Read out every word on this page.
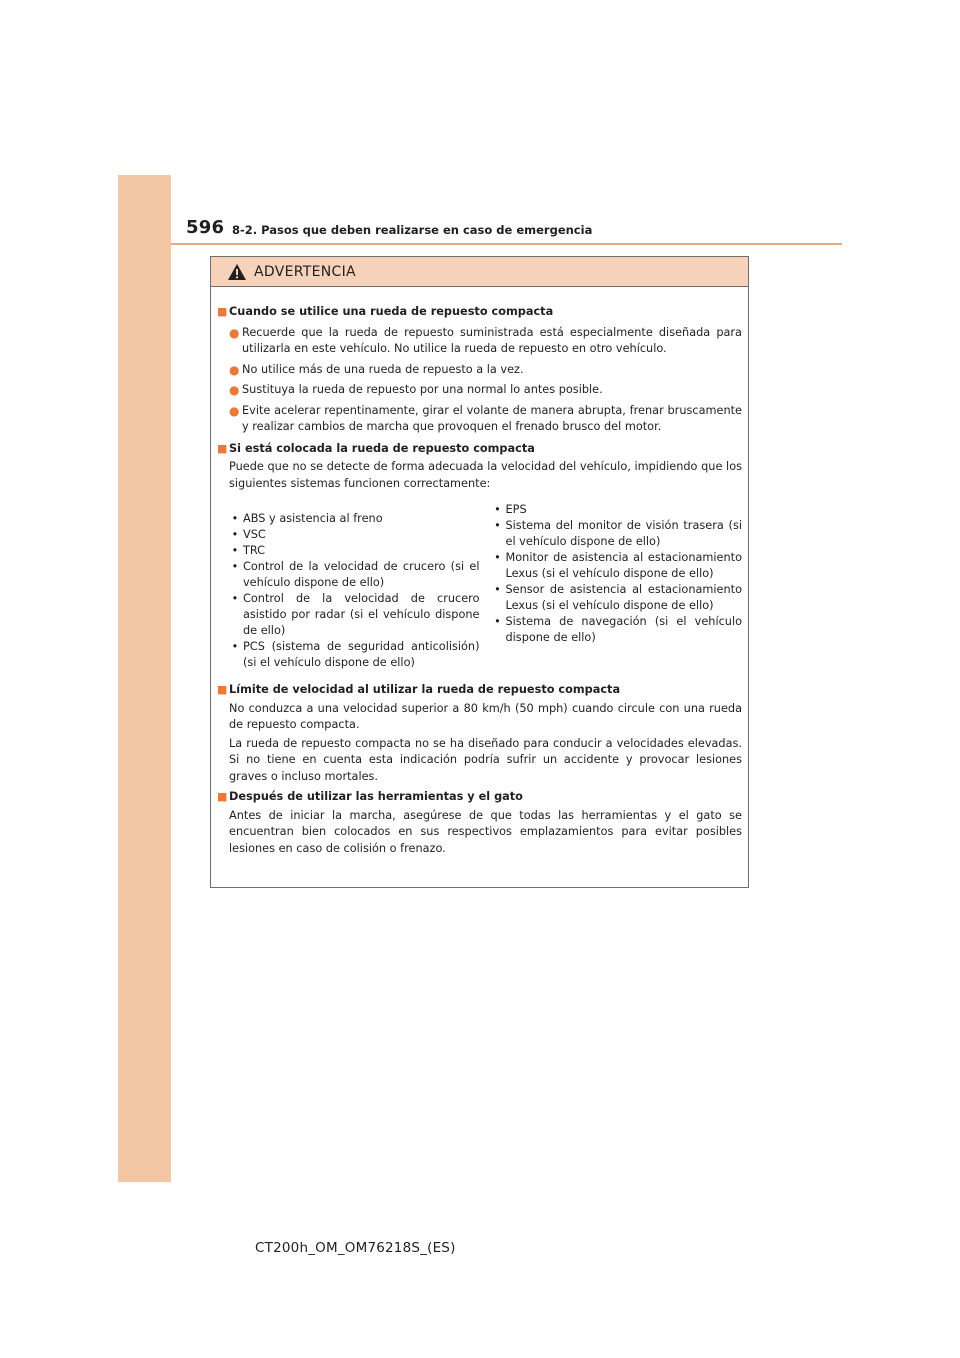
596 8-2. Pasos que deben realizarse en caso de emergencia
ADVERTENCIA
■ Cuando se utilice una rueda de repuesto compacta
● Recuerde que la rueda de repuesto suministrada está especialmente diseñada para utilizarla en este vehículo. No utilice la rueda de repuesto en otro vehículo.
● No utilice más de una rueda de repuesto a la vez.
● Sustituya la rueda de repuesto por una normal lo antes posible.
● Evite acelerar repentinamente, girar el volante de manera abrupta, frenar bruscamente y realizar cambios de marcha que provoquen el frenado brusco del motor.
■ Si está colocada la rueda de repuesto compacta
Puede que no se detecte de forma adecuada la velocidad del vehículo, impidiendo que los siguientes sistemas funcionen correctamente:
• ABS y asistencia al freno
• VSC
• TRC
• Control de la velocidad de crucero (si el vehículo dispone de ello)
• Control de la velocidad de crucero asistido por radar (si el vehículo dispone de ello)
• PCS (sistema de seguridad anticolisión) (si el vehículo dispone de ello)
• EPS
• Sistema del monitor de visión trasera (si el vehículo dispone de ello)
• Monitor de asistencia al estacionamiento Lexus (si el vehículo dispone de ello)
• Sensor de asistencia al estacionamiento Lexus (si el vehículo dispone de ello)
• Sistema de navegación (si el vehículo dispone de ello)
■ Límite de velocidad al utilizar la rueda de repuesto compacta
No conduzca a una velocidad superior a 80 km/h (50 mph) cuando circule con una rueda de repuesto compacta.
La rueda de repuesto compacta no se ha diseñado para conducir a velocidades elevadas. Si no tiene en cuenta esta indicación podría sufrir un accidente y provocar lesiones graves o incluso mortales.
■ Después de utilizar las herramientas y el gato
Antes de iniciar la marcha, asegúrese de que todas las herramientas y el gato se encuentran bien colocados en sus respectivos emplazamientos para evitar posibles lesiones en caso de colisión o frenazo.
CT200h_OM_OM76218S_(ES)
